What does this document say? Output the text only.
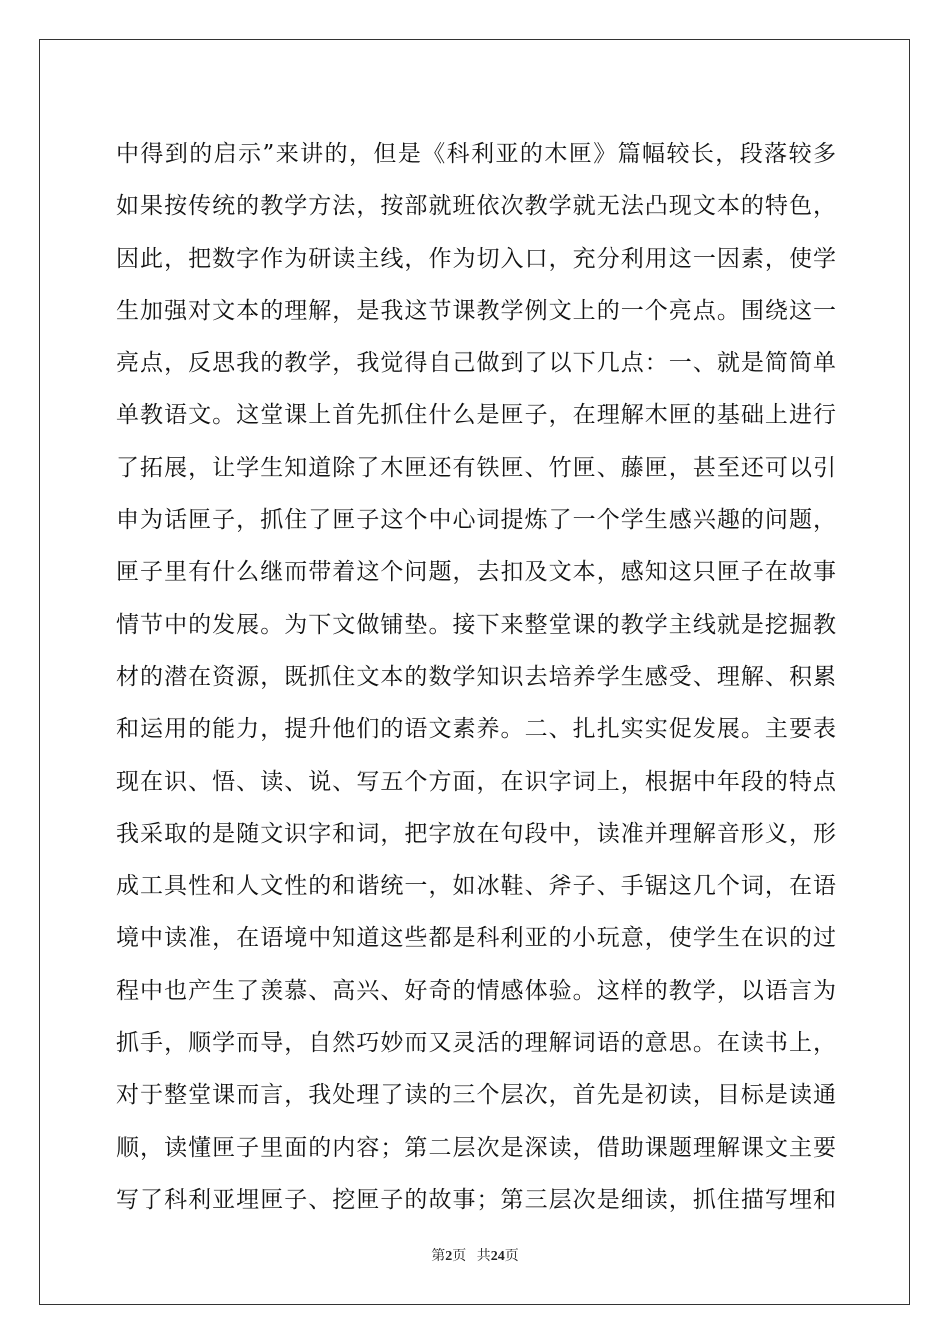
中得到的启示”来讲的，但是《科利亚的木匣》篇幅较长，段落较多
如果按传统的教学方法，按部就班依次教学就无法凸现文本的特色，
因此，把数字作为研读主线，作为切入口，充分利用这一因素，使学
生加强对文本的理解，是我这节课教学例文上的一个亮点。围绕这一
亮点，反思我的教学，我觉得自己做到了以下几点：一、就是简简单
单教语文。这堂课上首先抓住什么是匣子，在理解木匣的基础上进行
了拓展，让学生知道除了木匣还有铁匣、竹匣、藤匣，甚至还可以引
申为话匣子，抓住了匣子这个中心词提炼了一个学生感兴趣的问题，
匣子里有什么继而带着这个问题，去扣及文本，感知这只匣子在故事
情节中的发展。为下文做铺垫。接下来整堂课的教学主线就是挖掘教
材的潜在资源，既抓住文本的数学知识去培养学生感受、理解、积累
和运用的能力，提升他们的语文素养。二、扎扎实实促发展。主要表
现在识、悟、读、说、写五个方面，在识字词上，根据中年段的特点
我采取的是随文识字和词，把字放在句段中，读准并理解音形义，形
成工具性和人文性的和谐统一，如冰鞋、斧子、手锯这几个词，在语
境中读准，在语境中知道这些都是科利亚的小玩意，使学生在识的过
程中也产生了羡慕、高兴、好奇的情感体验。这样的教学，以语言为
抓手，顺学而导，自然巧妙而又灵活的理解词语的意思。在读书上，
对于整堂课而言，我处理了读的三个层次，首先是初读，目标是读通
顺，读懂匣子里面的内容；第二层次是深读，借助课题理解课文主要
写了科利亚埋匣子、挖匣子的故事；第三层次是细读，抓住描写埋和
第2页 共24页
